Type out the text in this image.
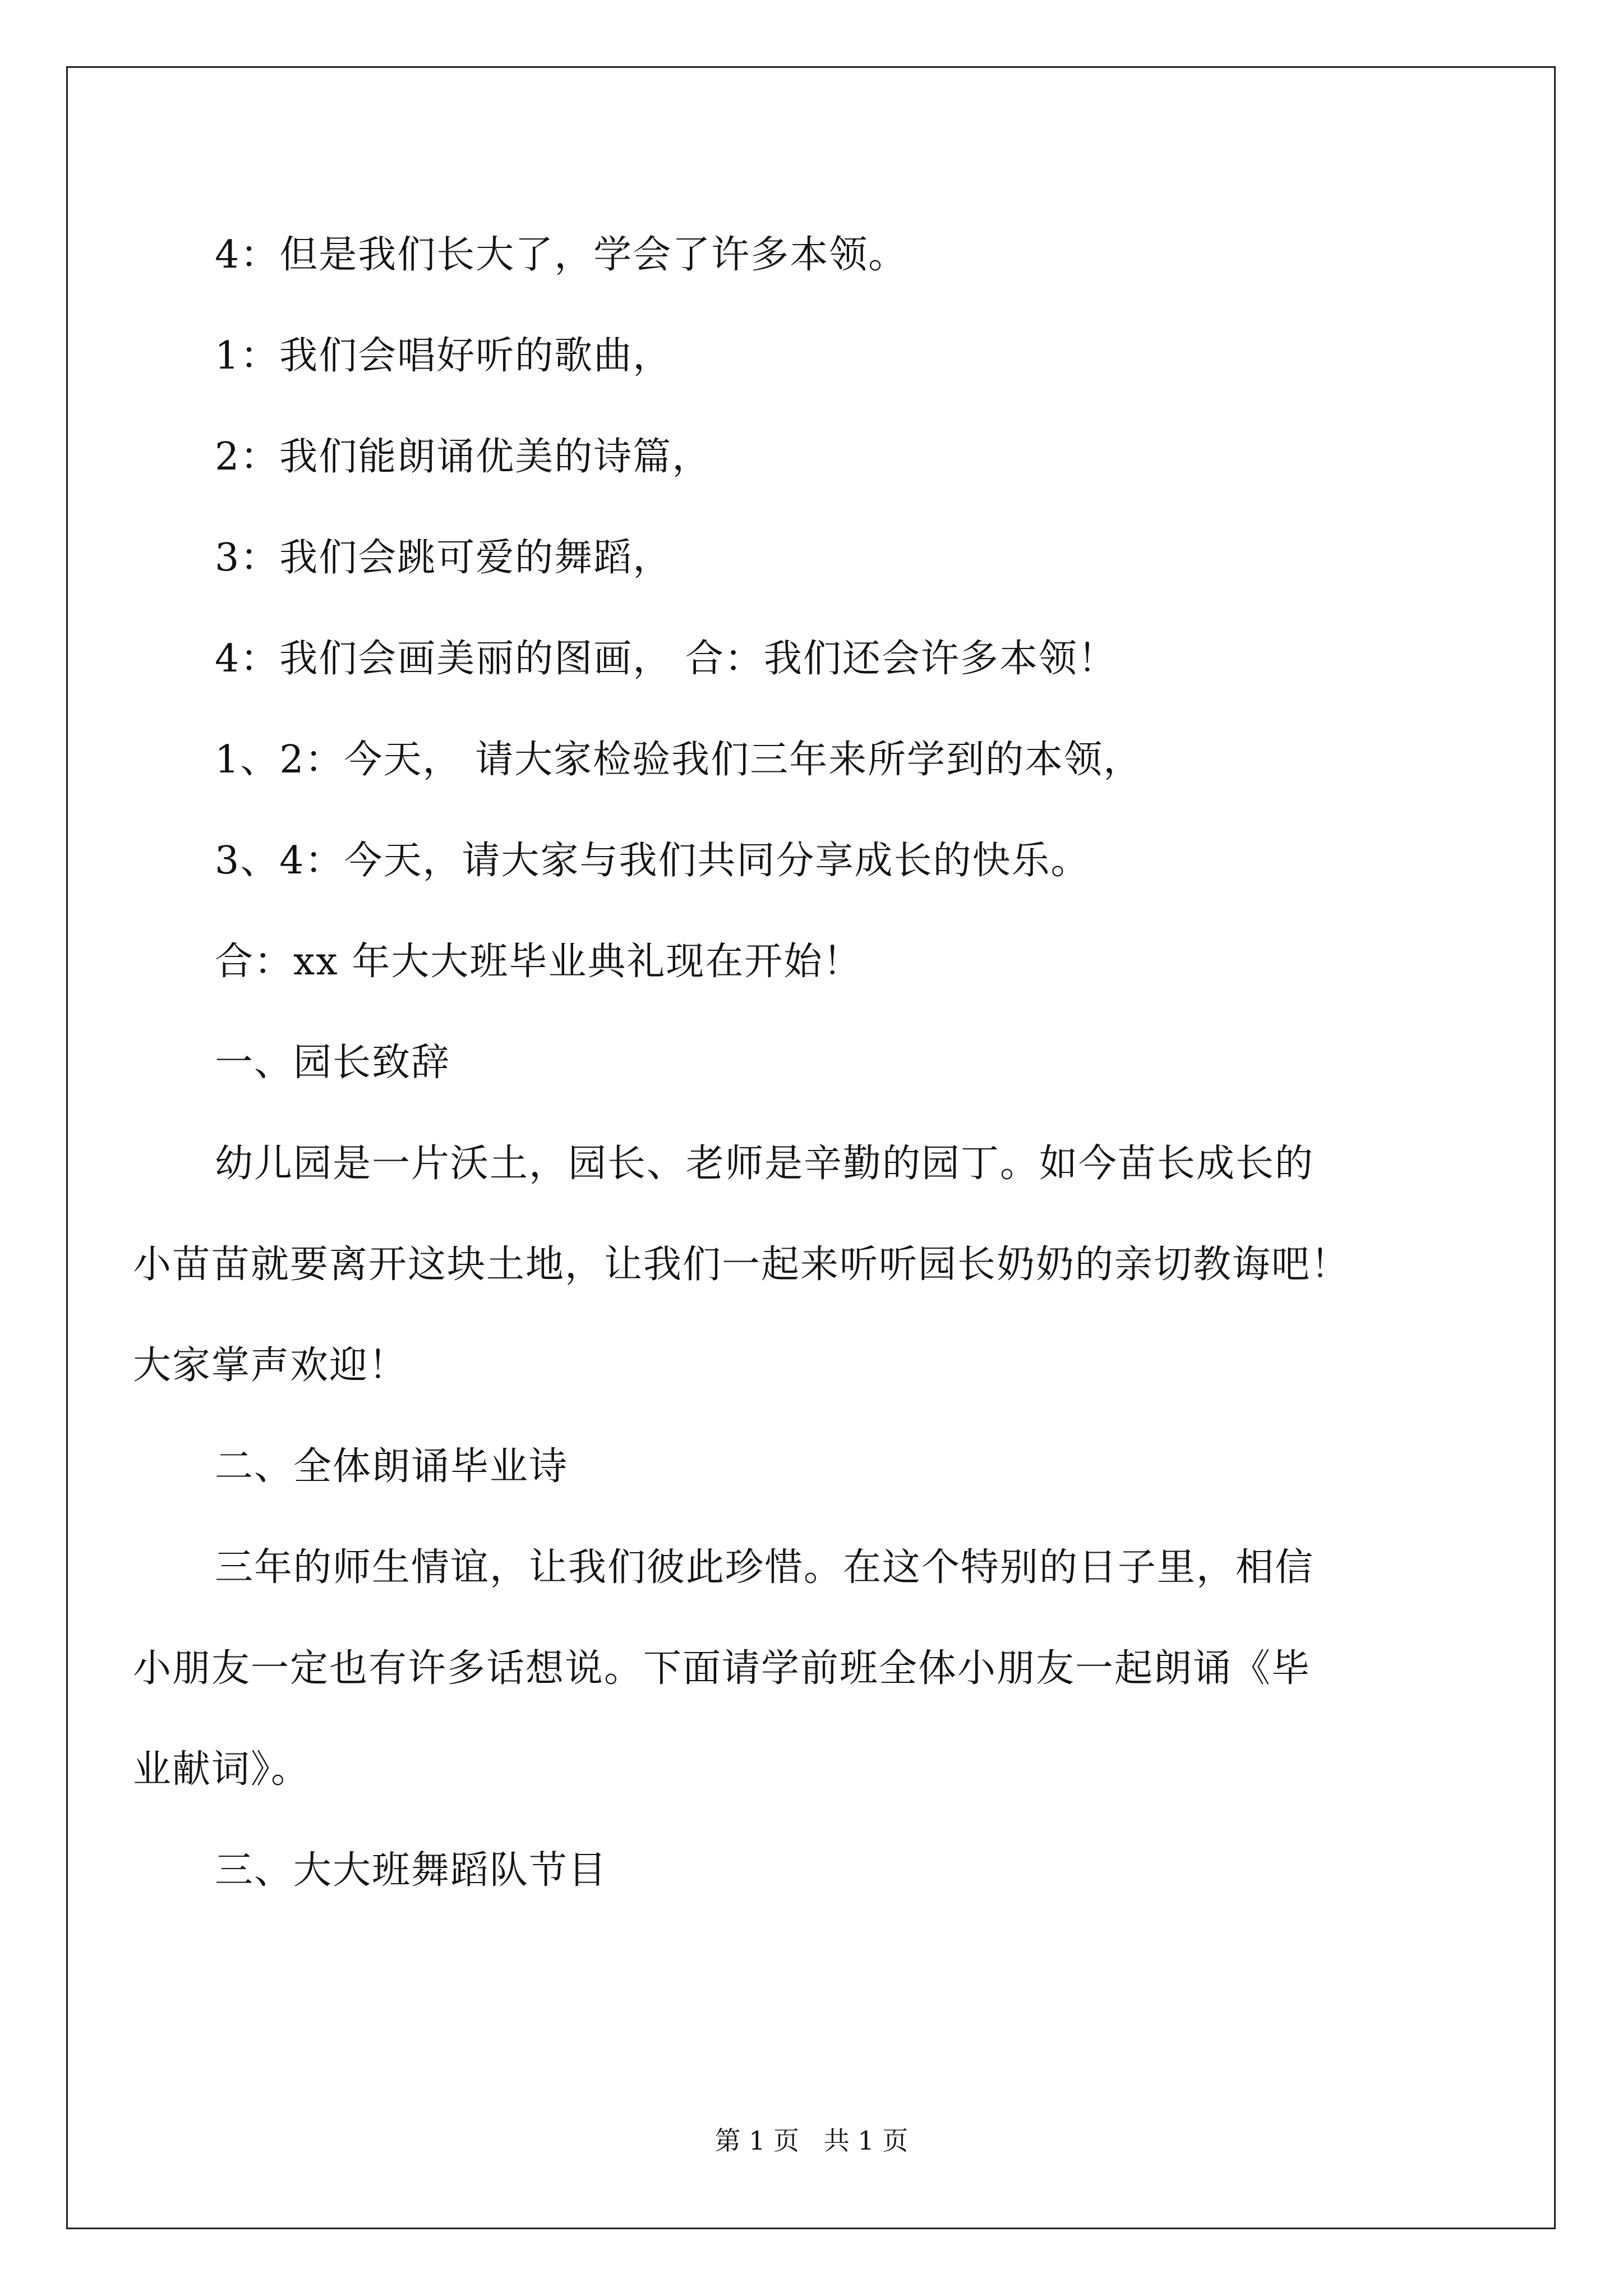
4：但是我们长大了，学会了许多本领。
1：我们会唱好听的歌曲，
2：我们能朗诵优美的诗篇，
3：我们会跳可爱的舞蹈，
4：我们会画美丽的图画， 合：我们还会许多本领！
1、2：今天， 请大家检验我们三年来所学到的本领，
3、4：今天，请大家与我们共同分享成长的快乐。
合：xx 年大大班毕业典礼现在开始！
一、园长致辞
幼儿园是一片沃土，园长、老师是辛勤的园丁。如今苗长成长的
小苗苗就要离开这块土地，让我们一起来听听园长奶奶的亲切教诲吧！
大家掌声欢迎！
二、全体朗诵毕业诗
三年的师生情谊，让我们彼此珍惜。在这个特别的日子里，相信
小朋友一定也有许多话想说。下面请学前班全体小朋友一起朗诵《毕
业献词》。
三、大大班舞蹈队节目
第 1 页   共 1 页
